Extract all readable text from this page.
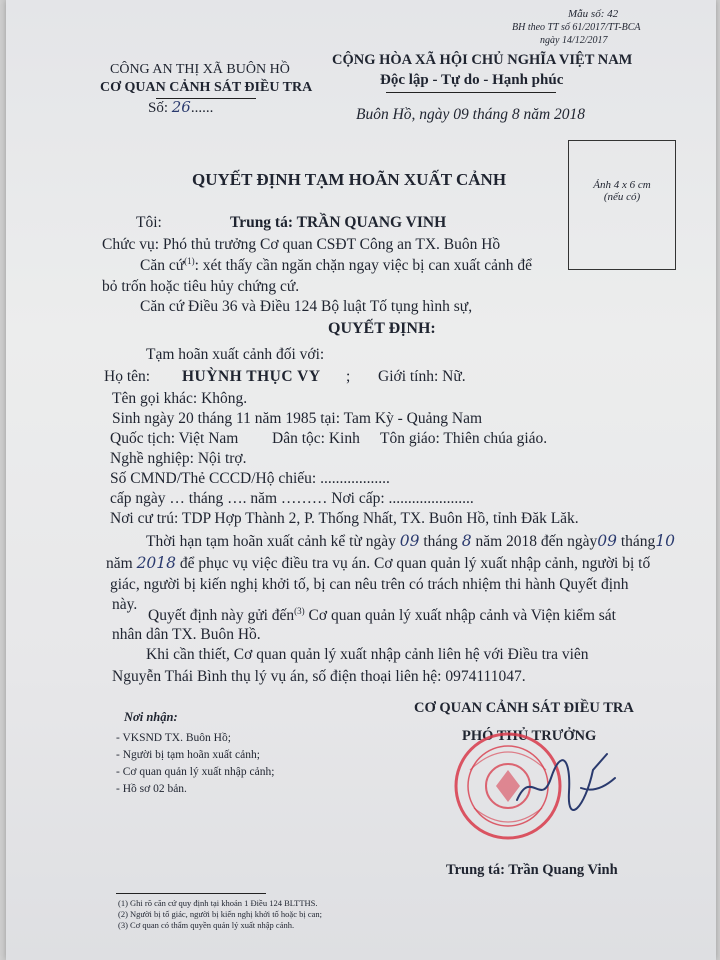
Mẫu số: 42
BH theo TT số 61/2017/TT-BCA
ngày 14/12/2017
CÔNG AN THỊ XÃ BUÔN HỒ
CƠ QUAN CẢNH SÁT ĐIỀU TRA
Số: 26......
CỘNG HÒA XÃ HỘI CHỦ NGHĨA VIỆT NAM
Độc lập - Tự do - Hạnh phúc
Buôn Hồ, ngày 09 tháng 8 năm 2018
Ảnh 4 x 6 cm
(nếu có)
QUYẾT ĐỊNH TẠM HOÃN XUẤT CẢNH
Tôi:	Trung tá: TRẦN QUANG VINH
Chức vụ: Phó thủ trưởng Cơ quan CSĐT Công an TX. Buôn Hồ
Căn cứ$^{(1)}$: xét thấy cần ngăn chặn ngay việc bị can xuất cảnh để
bỏ trốn hoặc tiêu hủy chứng cứ.
Căn cứ Điều 36 và Điều 124 Bộ luật Tố tụng hình sự,
QUYẾT ĐỊNH:
Tạm hoãn xuất cảnh đối với:
Họ tên: HUỲNH THỤC VY ; Giới tính: Nữ.
Tên gọi khác: Không.
Sinh ngày 20 tháng 11 năm 1985 tại: Tam Kỳ - Quảng Nam
Quốc tịch: Việt Nam Dân tộc: Kinh Tôn giáo: Thiên chúa giáo.
Nghề nghiệp: Nội trợ.
Số CMND/Thẻ CCCD/Hộ chiếu: ..................
cấp ngày … tháng …. năm ……… Nơi cấp: ......................
Nơi cư trú: TDP Hợp Thành 2, P. Thống Nhất, TX. Buôn Hồ, tỉnh Đăk Lăk.
Thời hạn tạm hoãn xuất cảnh kể từ ngày 09 tháng 8 năm 2018 đến ngày09 tháng10
năm 2018 để phục vụ việc điều tra vụ án. Cơ quan quản lý xuất nhập cảnh, người bị tố
giác, người bị kiến nghị khởi tố, bị can nêu trên có trách nhiệm thi hành Quyết định
này.
Quyết định này gửi đến$^{(3)}$ Cơ quan quản lý xuất nhập cảnh và Viện kiểm sát
nhân dân TX. Buôn Hồ.
Khi cần thiết, Cơ quan quản lý xuất nhập cảnh liên hệ với Điều tra viên
Nguyễn Thái Bình thụ lý vụ án, số điện thoại liên hệ: 0974111047.
Nơi nhận:
- VKSND TX. Buôn Hồ;
- Người bị tạm hoãn xuất cảnh;
- Cơ quan quản lý xuất nhập cảnh;
- Hồ sơ 02 bản.
CƠ QUAN CẢNH SÁT ĐIỀU TRA
PHÓ THỦ TRƯỞNG
Trung tá: Trần Quang Vinh
(1) Ghi rõ căn cứ quy định tại khoản 1 Điều 124 BLTTHS.
(2) Người bị tố giác, người bị kiến nghị khởi tố hoặc bị can;
(3) Cơ quan có thẩm quyền quản lý xuất nhập cảnh.
